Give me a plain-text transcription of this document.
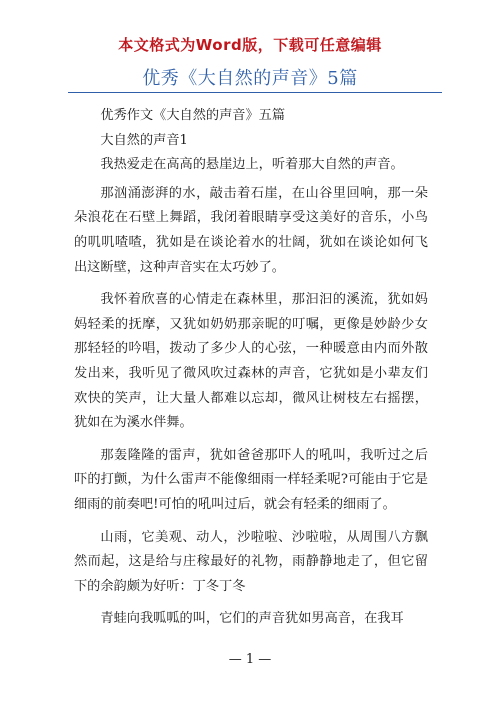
本文格式为Word版，下载可任意编辑
优秀《大自然的声音》5篇

优秀作文《大自然的声音》五篇

大自然的声音1

我热爱走在高高的悬崖边上，听着那大自然的声音。

那汹涌澎湃的水，敲击着石崖，在山谷里回响，那一朵朵浪花在石壁上舞蹈，我闭着眼睛享受这美好的音乐，小鸟的叽叽喳喳，犹如是在谈论着水的壮阔，犹如在谈论如何飞出这断壁，这种声音实在太巧妙了。

我怀着欣喜的心情走在森林里，那汩汩的溪流，犹如妈妈轻柔的抚摩，又犹如奶奶那亲昵的叮嘱，更像是妙龄少女那轻轻的吟唱，拨动了多少人的心弦，一种暖意由内而外散发出来，我听见了微风吹过森林的声音，它犹如是小辈友们欢快的笑声，让大量人都难以忘却，微风让树枝左右摇摆，犹如在为溪水伴舞。

那轰隆隆的雷声，犹如爸爸那吓人的吼叫，我听过之后吓的打颤，为什么雷声不能像细雨一样轻柔呢?可能由于它是细雨的前奏吧!可怕的吼叫过后，就会有轻柔的细雨了。

山雨，它美观、动人，沙啦啦、沙啦啦，从周围八方飘然而起，这是给与庄稼最好的礼物，雨静静地走了，但它留下的余韵颇为好听：丁冬丁冬

青蛙向我呱呱的叫，它们的声音犹如男高音，在我耳

— 1 —
